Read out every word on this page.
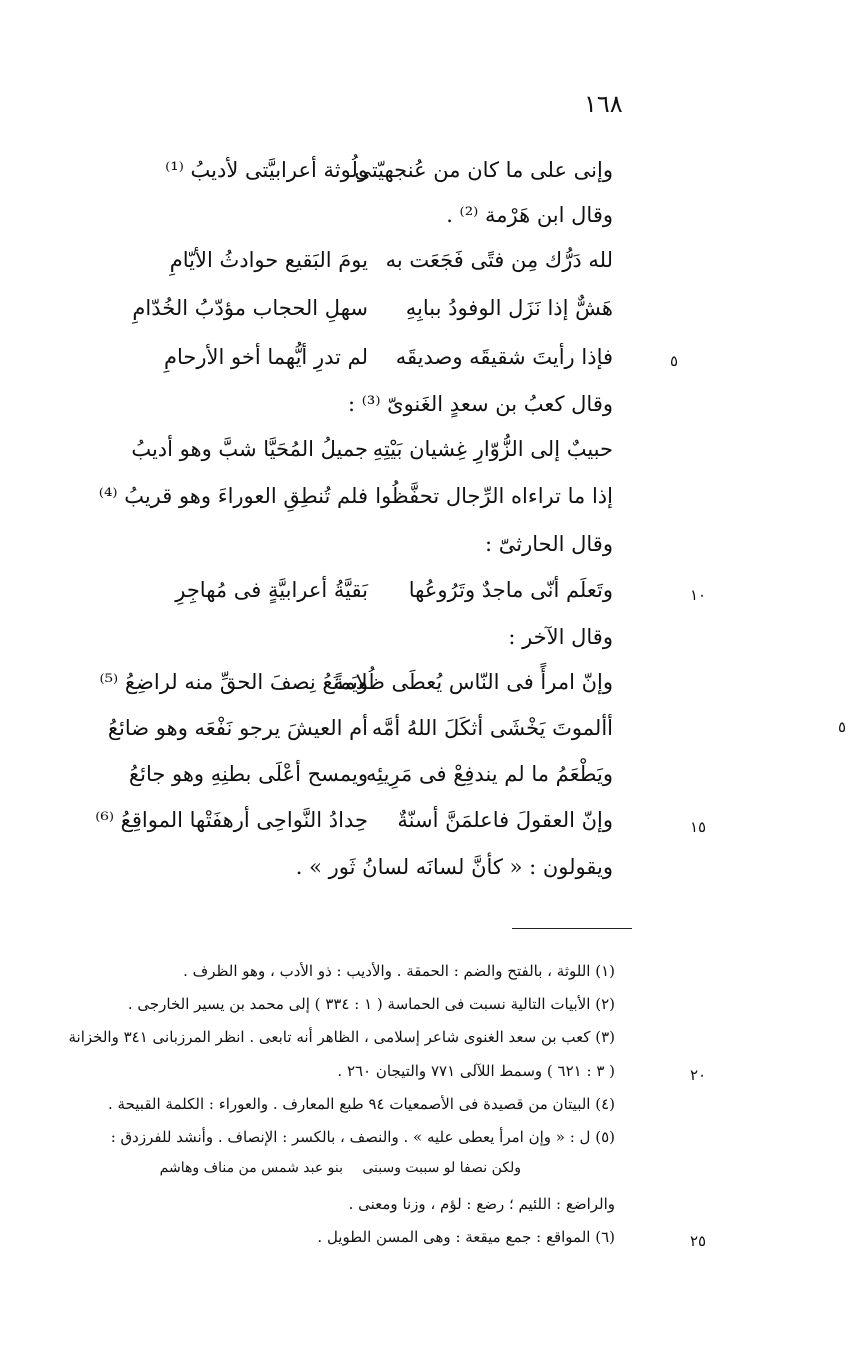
١٦٨
وإنى على ما كان من عُنجهيّتى
ولُوثة أعرابيَّتى لأديبُ ⁽¹⁾
وقال ابن هَرْمة ⁽²⁾ .
لله دَرُّك مِن فتًى فَجَعَت به
يومَ البَقيع حوادثُ الأيّامِ
هَشٌّ إذا نَزَل الوفودُ ببابِهِ
سهلِ الحجاب مؤدّبُ الخُدّامِ
فإذا رأيتَ شقيقَه وصديقَه
لم تدرِ أيُّهما أخو الأرحامِ
وقال كعبُ بن سعدٍ الغَنوىّ ⁽³⁾ :
حبيبٌ إلى الزُّوّارِ غِشيان بَيْتِهِ
جميلُ المُحَيَّا شبَّ وهو أديبُ
إذا ما تراءاه الرِّجال تحفَّظُوا
فلم تُنطِقِ العوراءَ وهو قريبُ ⁽⁴⁾
وقال الحارثىّ :
وتَعلَم أنّى ماجدٌ وتَرُوعُها
بَقيَّةُ أعرابيَّةٍ فى مُهاجِرِ
وقال الآخر :
وإنّ امرأً فى النّاس يُعطَى ظُلامةً
ويَمنَعُ نِصفَ الحقِّ منه لراضِعُ ⁽⁵⁾
أألموتَ يَخْشَى أثكَلَ اللهُ أمَّه
أم العيشَ يرجو نَفْعَه وهو ضائعُ
ويَطْعَمُ ما لم يندفِعْ فى مَرِيئِه
ويمسح أعْلَى بطنِهِ وهو جائعُ
وإنّ العقولَ فاعلمَنَّ أسنّةٌ
حِدادُ النَّواحِى أرهفَتْها المواقِعُ ⁽⁶⁾
ويقولون : « كأنَّ لسانَه لسانُ ثَور » .
٥
١٠
١٥
٥
(١) اللوثة ، بالفتح والضم : الحمقة . والأديب : ذو الأدب ، وهو الظرف .
(٢) الأبيات التالية نسبت فى الحماسة ( ١ : ٣٣٤ ) إلى محمد بن يسير الخارجى .
(٣) كعب بن سعد الغنوى شاعر إسلامى ، الظاهر أنه تابعى . انظر المرزبانى ٣٤١ والخزانة
( ٣ : ٦٢١ ) وسمط اللآلى ٧٧١ والتيجان ٢٦٠ .	٢٠
(٤) البيتان من قصيدة فى الأصمعيات ٩٤ طبع المعارف . والعوراء : الكلمة القبيحة .
(٥) ل : « وإن امرأ يعطى عليه » . والنصف ، بالكسر : الإنصاف . وأنشد للفرزدق :
ولكن نصفا لو سببت وسبنى
بنو عبد شمس من مناف وهاشم
والراضع : اللئيم ؛ رضع : لؤم ، وزنا ومعنى .
(٦) المواقع : جمع ميقعة : وهى المسن الطويل .	٢٥
